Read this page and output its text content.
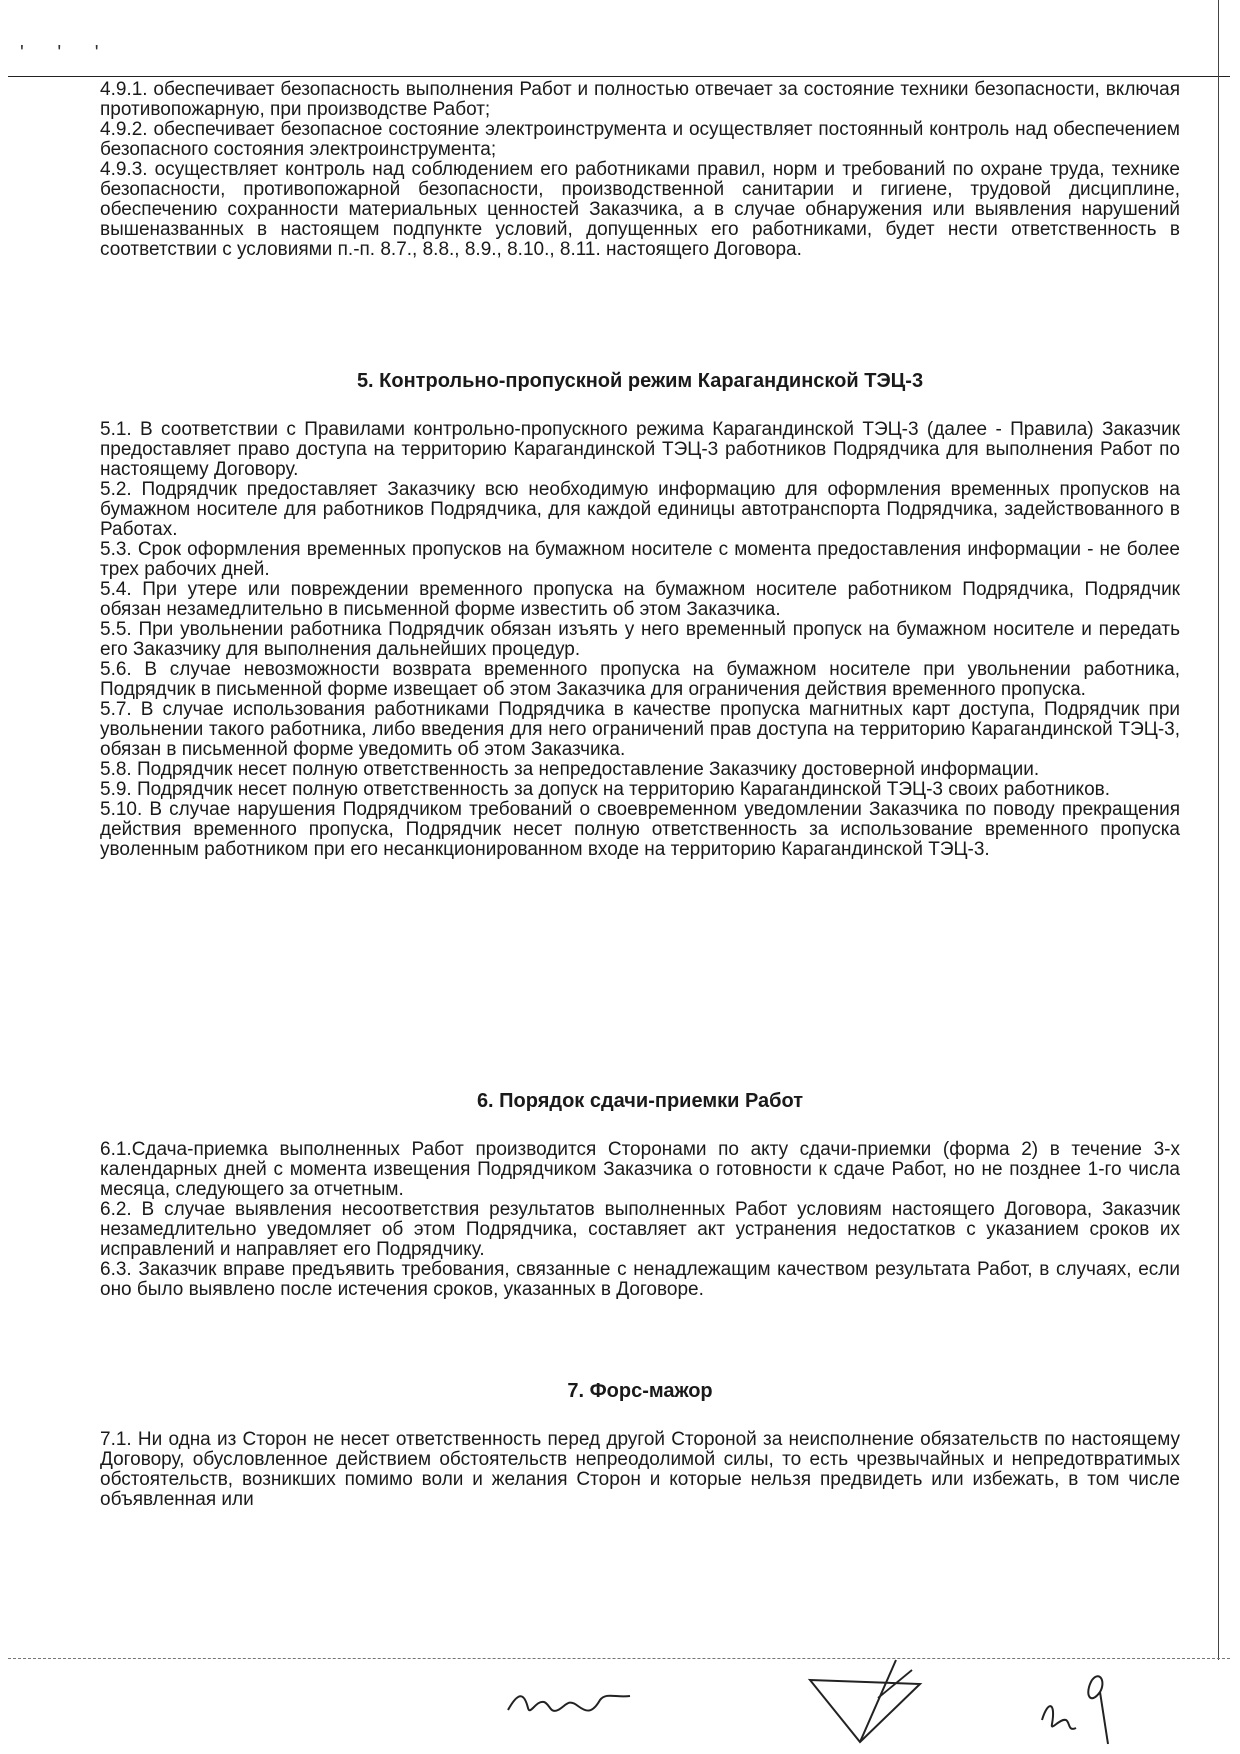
' ' '

4.9.1. обеспечивает безопасность выполнения Работ и полностью отвечает за состояние техники безопасности, включая противопожарную, при производстве Работ;

4.9.2. обеспечивает безопасное состояние электроинструмента и осуществляет постоянный контроль над обеспечением безопасного состояния электроинструмента;

4.9.3. осуществляет контроль над соблюдением его работниками правил, норм и требований по охране труда, технике безопасности, противопожарной безопасности, производственной санитарии и гигиене, трудовой дисциплине, обеспечению сохранности материальных ценностей Заказчика, а в случае обнаружения или выявления нарушений вышеназванных в настоящем подпункте условий, допущенных его работниками, будет нести ответственность в соответствии с условиями п.-п. 8.7., 8.8., 8.9., 8.10., 8.11. настоящего Договора.

5. Контрольно-пропускной режим Карагандинской ТЭЦ-3

5.1. В соответствии с Правилами контрольно-пропускного режима Карагандинской ТЭЦ-3 (далее - Правила) Заказчик предоставляет право доступа на территорию Карагандинской ТЭЦ-3 работников Подрядчика для выполнения Работ по настоящему Договору.

5.2. Подрядчик предоставляет Заказчику всю необходимую информацию для оформления временных пропусков на бумажном носителе для работников Подрядчика, для каждой единицы автотранспорта Подрядчика, задействованного в Работах.

5.3. Срок оформления временных пропусков на бумажном носителе с момента предоставления информации - не более трех рабочих дней.

5.4. При утере или повреждении временного пропуска на бумажном носителе работником Подрядчика, Подрядчик обязан незамедлительно в письменной форме известить об этом Заказчика.

5.5. При увольнении работника Подрядчик обязан изъять у него временный пропуск на бумажном носителе и передать его Заказчику для выполнения дальнейших процедур.

5.6. В случае невозможности возврата временного пропуска на бумажном носителе при увольнении работника, Подрядчик в письменной форме извещает об этом Заказчика для ограничения действия временного пропуска.

5.7. В случае использования работниками Подрядчика в качестве пропуска магнитных карт доступа, Подрядчик при увольнении такого работника, либо введения для него ограничений прав доступа на территорию Карагандинской ТЭЦ-3, обязан в письменной форме уведомить об этом Заказчика.

5.8. Подрядчик несет полную ответственность за непредоставление Заказчику достоверной информации.

5.9. Подрядчик несет полную ответственность за допуск на территорию Карагандинской ТЭЦ-3 своих работников.

5.10. В случае нарушения Подрядчиком требований о своевременном уведомлении Заказчика по поводу прекращения действия временного пропуска, Подрядчик несет полную ответственность за использование временного пропуска уволенным работником при его несанкционированном входе на территорию Карагандинской ТЭЦ-3.

6. Порядок сдачи-приемки Работ

6.1.Сдача-приемка выполненных Работ производится Сторонами по акту сдачи-приемки (форма 2) в течение 3-х календарных дней с момента извещения Подрядчиком Заказчика о готовности к сдаче Работ, но не позднее 1-го числа месяца, следующего за отчетным.

6.2. В случае выявления несоответствия результатов выполненных Работ условиям настоящего Договора, Заказчик незамедлительно уведомляет об этом Подрядчика, составляет акт устранения недостатков с указанием сроков их исправлений и направляет его Подрядчику.

6.3. Заказчик вправе предъявить требования, связанные с ненадлежащим качеством результата Работ, в случаях, если оно было выявлено после истечения сроков, указанных в Договоре.

7. Форс-мажор

7.1. Ни одна из Сторон не несет ответственность перед другой Стороной за неисполнение обязательств по настоящему Договору, обусловленное действием обстоятельств непреодолимой силы, то есть чрезвычайных и непредотвратимых обстоятельств, возникших помимо воли и желания Сторон и которые нельзя предвидеть или избежать, в том числе объявленная или
